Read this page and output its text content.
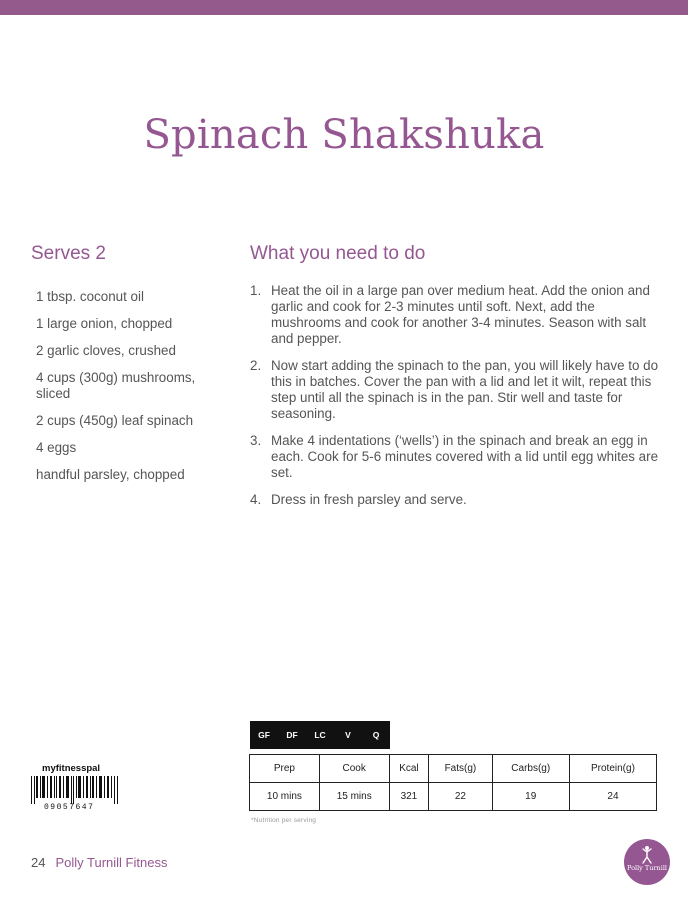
Spinach Shakshuka
Serves 2
1 tbsp. coconut oil
1 large onion, chopped
2 garlic cloves, crushed
4 cups (300g) mushrooms, sliced
2 cups (450g) leaf spinach
4 eggs
handful parsley, chopped
What you need to do
1. Heat the oil in a large pan over medium heat. Add the onion and garlic and cook for 2-3 minutes until soft. Next, add the mushrooms and cook for another 3-4 minutes. Season with salt and pepper.
2. Now start adding the spinach to the pan, you will likely have to do this in batches. Cover the pan with a lid and let it wilt, repeat this step until all the spinach is in the pan. Stir well and taste for seasoning.
3. Make 4 indentations (‘wells’) in the spinach and break an egg in each. Cook for 5-6 minutes covered with a lid until egg whites are set.
4. Dress in fresh parsley and serve.
GF	DF	LC	V	Q
Prep	Cook	Kcal	Fats(g)	Carbs(g)	Protein(g)
10 mins	15 mins	321	22	19	24
*Nutrition per serving
myfitnesspal
09057647
24 Polly Turnill Fitness	Polly Turnill
